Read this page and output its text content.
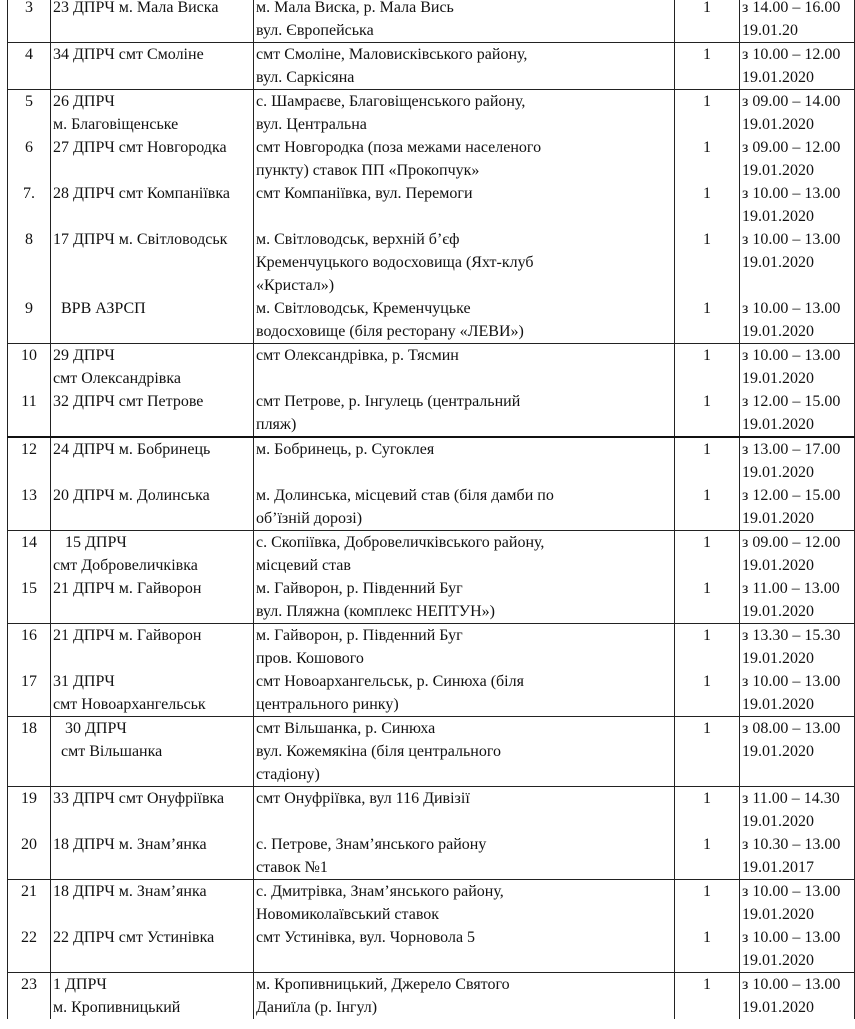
3	23 ДПРЧ м. Мала Виска	м. Мала Виска, р. Мала Вись
вул. Європейська	1	з 14.00 – 16.00
19.01.20

4	34 ДПРЧ смт Смоліне	смт Смоліне, Маловисківського району,
вул. Саркісяна	1	з 10.00 – 12.00
19.01.2020

5	26 ДПРЧ
м. Благовіщенське	с. Шамраєве, Благовіщенського району,
вул. Центральна	1	з 09.00 – 14.00
19.01.2020

6	27 ДПРЧ смт Новгородка	смт Новгородка (поза межами населеного
пункту) ставок ПП «Прокопчук»	1	з 09.00 – 12.00
19.01.2020

7.	28 ДПРЧ смт Компаніївка	смт Компаніївка, вул. Перемоги	1	з 10.00 – 13.00
19.01.2020

8	17 ДПРЧ м. Світловодськ	м. Світловодськ, верхній б’єф
Кременчуцького водосховища (Яхт-клуб
«Кристал»)	1	з 10.00 – 13.00
19.01.2020

9	ВРВ АЗРСП	м. Світловодськ, Кременчуцьке
водосховище (біля ресторану «ЛЕВИ»)	1	з 10.00 – 13.00
19.01.2020

10	29 ДПРЧ
смт Олександрівка	смт Олександрівка, р. Тясмин	1	з 10.00 – 13.00
19.01.2020

11	32 ДПРЧ смт Петрове	смт Петрове, р. Інгулець (центральний
пляж)	1	з 12.00 – 15.00
19.01.2020

12	24 ДПРЧ м. Бобринець	м. Бобринець, р. Сугоклея	1	з 13.00 – 17.00
19.01.2020

13	20 ДПРЧ м. Долинська	м. Долинська, місцевий став (біля дамби по
об’їзній дорозі)	1	з 12.00 – 15.00
19.01.2020

14	15 ДПРЧ
смт Добровеличківка	с. Скопіївка, Добровеличківського району,
місцевий став	1	з 09.00 – 12.00
19.01.2020

15	21 ДПРЧ м. Гайворон	м. Гайворон, р. Південний Буг
вул. Пляжна (комплекс НЕПТУН»)	1	з 11.00 – 13.00
19.01.2020

16	21 ДПРЧ м. Гайворон	м. Гайворон, р. Південний Буг
пров. Кошового	1	з 13.30 – 15.30
19.01.2020

17	31 ДПРЧ
смт Новоархангельськ	смт Новоархангельськ, р. Синюха (біля
центрального ринку)	1	з 10.00 – 13.00
19.01.2020

18	30 ДПРЧ
смт Вільшанка	смт Вільшанка, р. Синюха
вул. Кожемякіна (біля центрального
стадіону)	1	з 08.00 – 13.00
19.01.2020

19	33 ДПРЧ смт Онуфріївка	смт Онуфріївка, вул 116 Дивізії	1	з 11.00 – 14.30
19.01.2020

20	18 ДПРЧ м. Знам’янка	с. Петрове, Знам’янського району
ставок №1	1	з 10.30 – 13.00
19.01.2017

21	18 ДПРЧ м. Знам’янка	с. Дмитрівка, Знам’янського району,
Новомиколаївський ставок	1	з 10.00 – 13.00
19.01.2020

22	22 ДПРЧ смт Устинівка	смт Устинівка, вул. Чорновола 5	1	з 10.00 – 13.00
19.01.2020

23	1 ДПРЧ
м. Кропивницький	м. Кропивницький, Джерело Святого
Даниїла (р. Інгул)	1	з 10.00 – 13.00
19.01.2020
